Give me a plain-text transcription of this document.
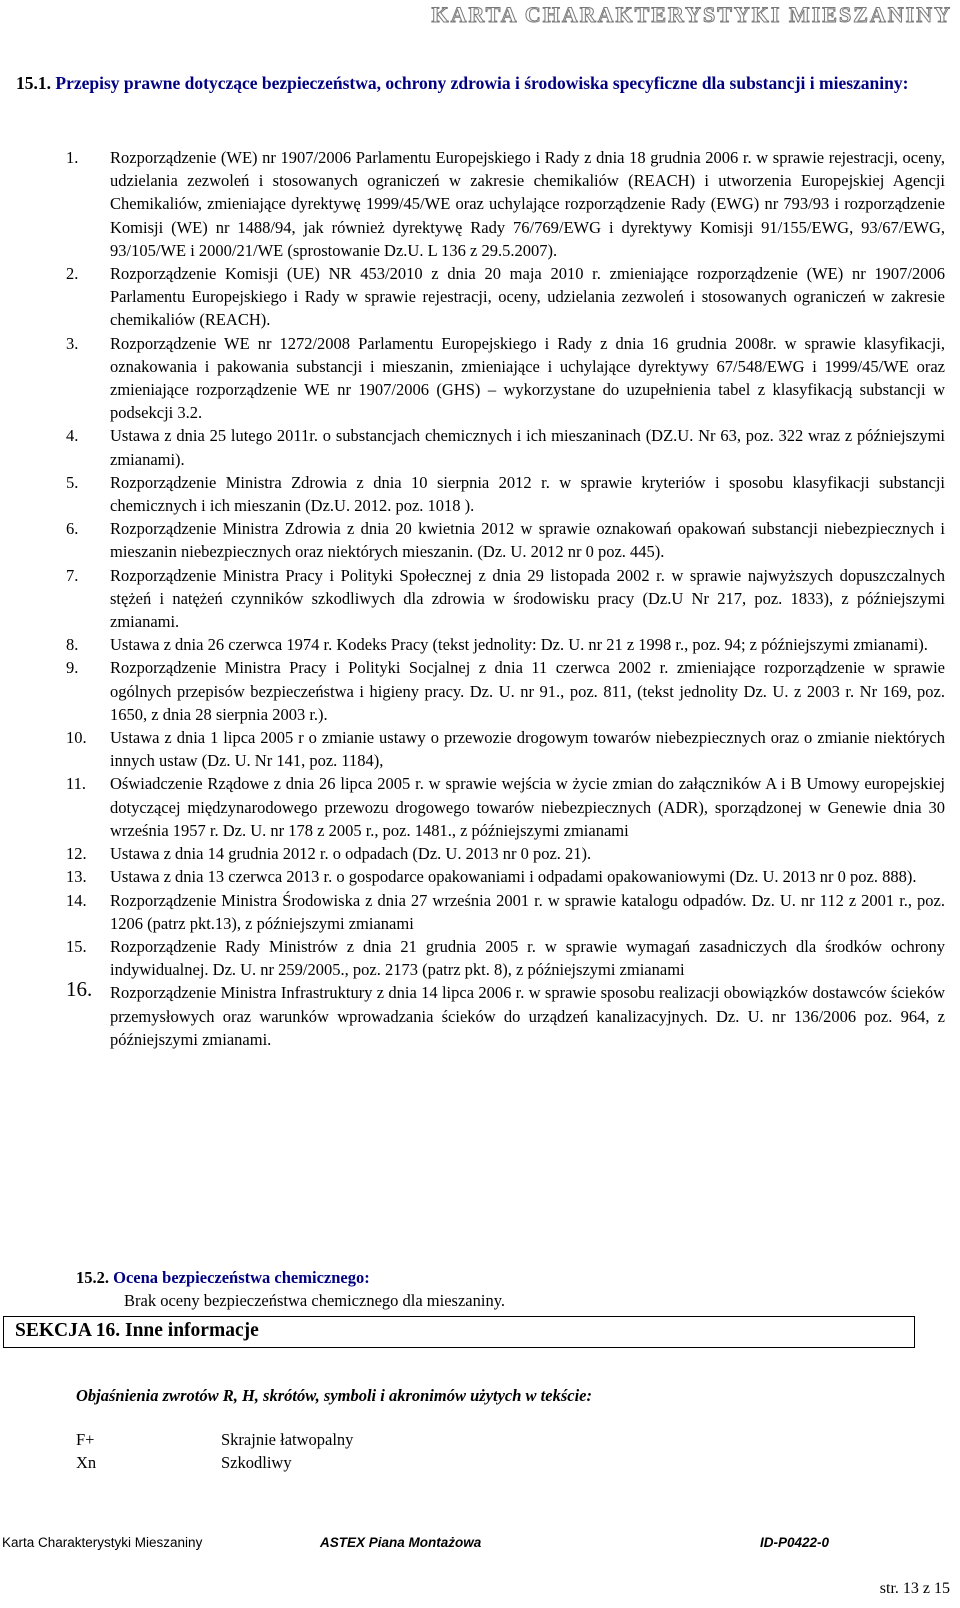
KARTA CHARAKTERYSTYKI MIESZANINY
15.1. Przepisy prawne dotyczące bezpieczeństwa, ochrony zdrowia i środowiska specyficzne dla substancji i mieszaniny:
1. Rozporządzenie (WE) nr 1907/2006 Parlamentu Europejskiego i Rady z dnia 18 grudnia 2006 r. w sprawie rejestracji, oceny, udzielania zezwoleń i stosowanych ograniczeń w zakresie chemikaliów (REACH) i utworzenia Europejskiej Agencji Chemikaliów, zmieniające dyrektywę 1999/45/WE oraz uchylające rozporządzenie Rady (EWG) nr 793/93 i rozporządzenie Komisji (WE) nr 1488/94, jak również dyrektywę Rady 76/769/EWG i dyrektywy Komisji 91/155/EWG, 93/67/EWG, 93/105/WE i 2000/21/WE (sprostowanie Dz.U. L 136 z 29.5.2007).
2. Rozporządzenie Komisji (UE) NR 453/2010 z dnia 20 maja 2010 r. zmieniające rozporządzenie (WE) nr 1907/2006 Parlamentu Europejskiego i Rady w sprawie rejestracji, oceny, udzielania zezwoleń i stosowanych ograniczeń w zakresie chemikaliów (REACH).
3. Rozporządzenie WE nr 1272/2008 Parlamentu Europejskiego i Rady z dnia 16 grudnia 2008r. w sprawie klasyfikacji, oznakowania i pakowania substancji i mieszanin, zmieniające i uchylające dyrektywy 67/548/EWG i 1999/45/WE oraz zmieniające rozporządzenie WE nr 1907/2006 (GHS) – wykorzystane do uzupełnienia tabel z klasyfikacją substancji w podsekcji 3.2.
4. Ustawa z dnia 25 lutego 2011r. o substancjach chemicznych i ich mieszaninach (DZ.U. Nr 63, poz. 322 wraz z późniejszymi zmianami).
5. Rozporządzenie Ministra Zdrowia z dnia 10 sierpnia 2012 r. w sprawie kryteriów i sposobu klasyfikacji substancji chemicznych i ich mieszanin (Dz.U. 2012. poz. 1018 ).
6. Rozporządzenie Ministra Zdrowia z dnia 20 kwietnia 2012 w sprawie oznakowań opakowań substancji niebezpiecznych i mieszanin niebezpiecznych oraz niektórych mieszanin. (Dz. U. 2012 nr 0 poz. 445).
7. Rozporządzenie Ministra Pracy i Polityki Społecznej z dnia 29 listopada 2002 r. w sprawie najwyższych dopuszczalnych stężeń i natężeń czynników szkodliwych dla zdrowia w środowisku pracy (Dz.U Nr 217, poz. 1833), z późniejszymi zmianami.
8. Ustawa z dnia 26 czerwca 1974 r. Kodeks Pracy (tekst jednolity: Dz. U. nr 21 z 1998 r., poz. 94; z późniejszymi zmianami).
9. Rozporządzenie Ministra Pracy i Polityki Socjalnej z dnia 11 czerwca 2002 r. zmieniające rozporządzenie w sprawie ogólnych przepisów bezpieczeństwa i higieny pracy. Dz. U. nr 91., poz. 811, (tekst jednolity Dz. U. z 2003 r. Nr 169, poz. 1650, z dnia 28 sierpnia 2003 r.).
10. Ustawa z dnia 1 lipca 2005 r o zmianie ustawy o przewozie drogowym towarów niebezpiecznych oraz o zmianie niektórych innych ustaw (Dz. U. Nr 141, poz. 1184),
11. Oświadczenie Rządowe z dnia 26 lipca 2005 r. w sprawie wejścia w życie zmian do załączników A i B Umowy europejskiej dotyczącej międzynarodowego przewozu drogowego towarów niebezpiecznych (ADR), sporządzonej w Genewie dnia 30 września 1957 r. Dz. U. nr 178 z 2005 r., poz. 1481., z późniejszymi zmianami
12. Ustawa z dnia 14 grudnia 2012 r. o odpadach (Dz. U. 2013 nr 0 poz. 21).
13. Ustawa z dnia 13 czerwca 2013 r. o gospodarce opakowaniami i odpadami opakowaniowymi (Dz. U. 2013 nr 0 poz. 888).
14. Rozporządzenie Ministra Środowiska z dnia 27 września 2001 r. w sprawie katalogu odpadów. Dz. U. nr 112 z 2001 r., poz. 1206 (patrz pkt.13), z późniejszymi zmianami
15. Rozporządzenie Rady Ministrów z dnia 21 grudnia 2005 r. w sprawie wymagań zasadniczych dla środków ochrony indywidualnej. Dz. U. nr 259/2005., poz. 2173 (patrz pkt. 8), z późniejszymi zmianami
16. Rozporządzenie Ministra Infrastruktury z dnia 14 lipca 2006 r. w sprawie sposobu realizacji obowiązków dostawców ścieków przemysłowych oraz warunków wprowadzania ścieków do urządzeń kanalizacyjnych. Dz. U. nr 136/2006 poz. 964, z późniejszymi zmianami.
15.2. Ocena bezpieczeństwa chemicznego:
Brak oceny bezpieczeństwa chemicznego dla mieszaniny.
SEKCJA 16. Inne informacje
Objaśnienia zwrotów R, H, skrótów, symboli i akronimów użytych w tekście:
F+	Skrajnie łatwopalny
Xn	Szkodliwy
Karta Charakterystyki Mieszaniny	ASTEX Piana Montażowa	ID-P0422-0
str. 13 z 15
